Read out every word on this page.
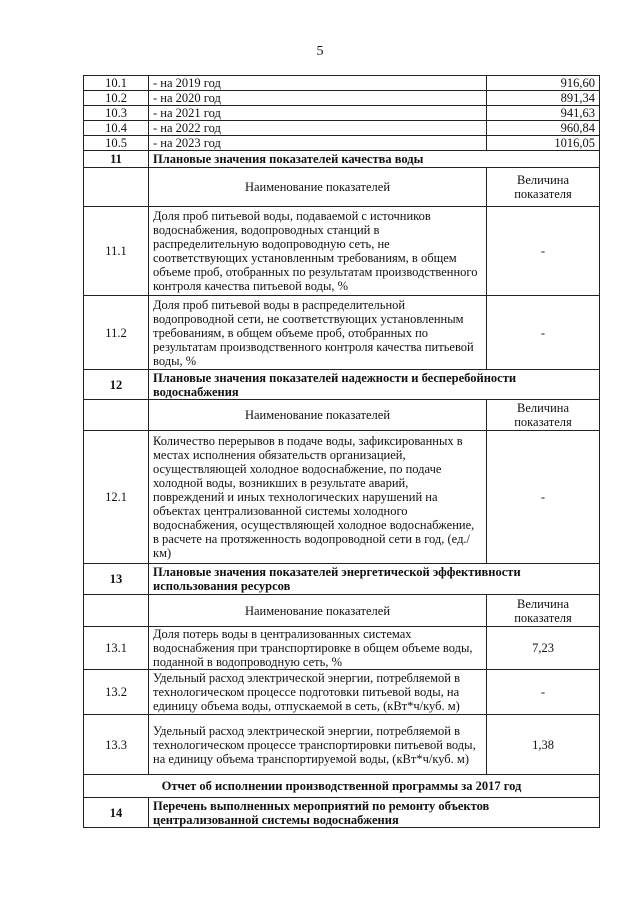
5
10.1	- на 2019 год	916,60
10.2	- на 2020 год	891,34
10.3	- на 2021 год	941,63
10.4	- на 2022 год	960,84
10.5	- на 2023 год	1016,05
11	Плановые значения показателей качества воды	
	Наименование показателей	Величина показателя
11.1	Доля проб питьевой воды, подаваемой с источников водоснабжения, водопроводных станций в распределительную водопроводную сеть, не соответствующих установленным требованиям, в общем объеме проб, отобранных по результатам производственного контроля качества питьевой воды, %	-
11.2	Доля проб питьевой воды в распределительной водопроводной сети, не соответствующих установленным требованиям, в общем объеме проб, отобранных по результатам производственного контроля качества питьевой воды, %	-
12	Плановые значения показателей надежности и бесперебойности водоснабжения	
	Наименование показателей	Величина показателя
12.1	Количество перерывов в подаче воды, зафиксированных в местах исполнения обязательств организацией, осуществляющей холодное водоснабжение, по подаче холодной воды, возникших в результате аварий, повреждений и иных технологических нарушений на объектах централизованной системы холодного водоснабжения, осуществляющей холодное водоснабжение, в расчете на протяженность водопроводной сети в год, (ед./км)	-
13	Плановые значения показателей энергетической эффективности использования ресурсов	
	Наименование показателей	Величина показателя
13.1	Доля потерь воды в централизованных системах водоснабжения при транспортировке в общем объеме воды, поданной в водопроводную сеть, %	7,23
13.2	Удельный расход электрической энергии, потребляемой в технологическом процессе подготовки питьевой воды, на единицу объема воды, отпускаемой в сеть, (кВт*ч/куб. м)	-
13.3	Удельный расход электрической энергии, потребляемой в технологическом процессе транспортировки питьевой воды, на единицу объема транспортируемой воды, (кВт*ч/куб. м)	1,38
Отчет об исполнении производственной программы за 2017 год		
14	Перечень выполненных мероприятий по ремонту объектов централизованной системы водоснабжения	
